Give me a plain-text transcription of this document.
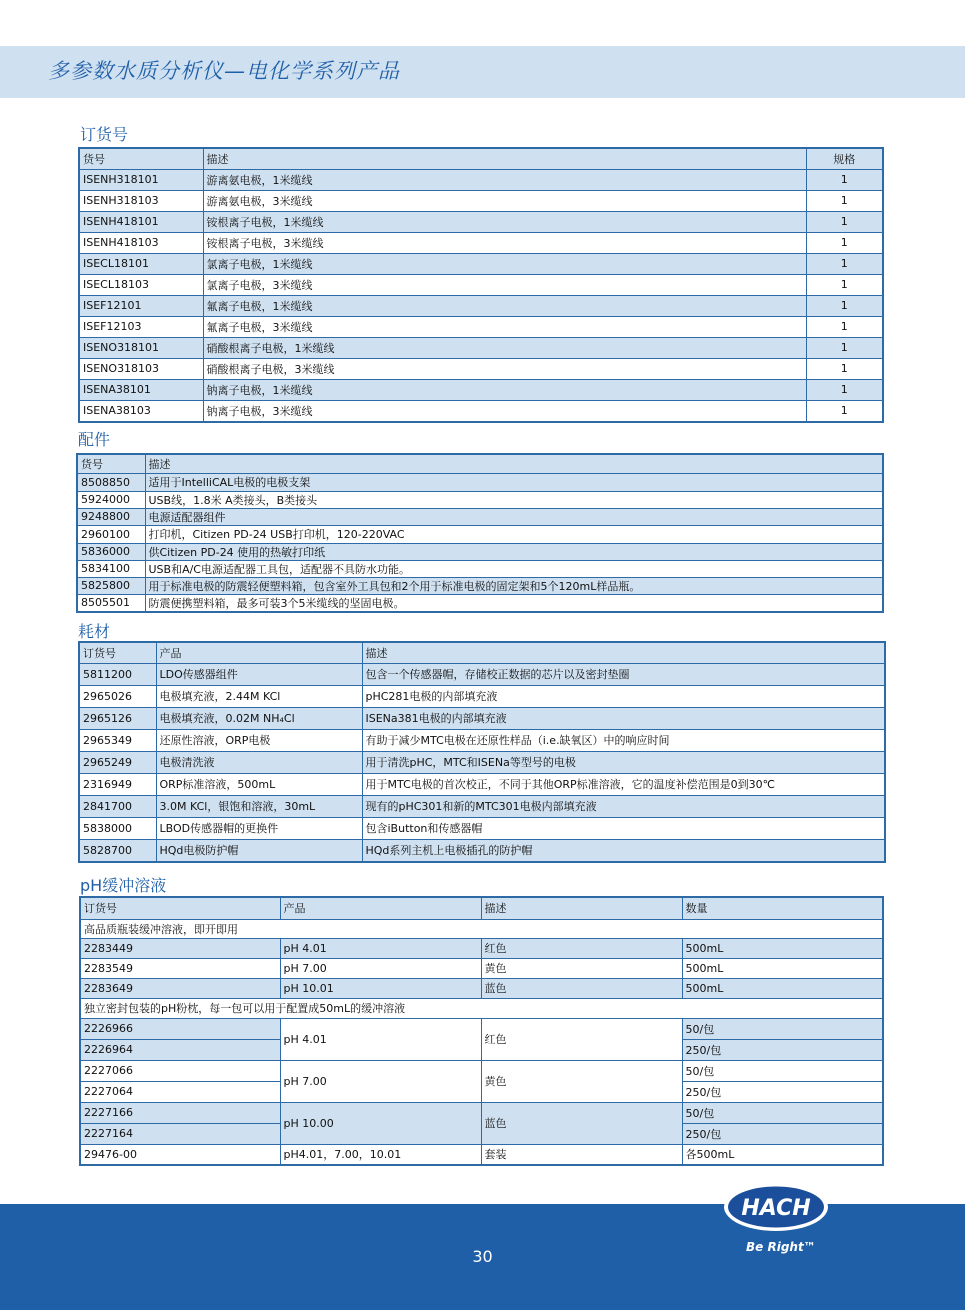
多参数水质分析仪—电化学系列产品
订货号
货号	描述	规格
ISENH318101	游离氨电极，1米缆线	1
ISENH318103	游离氨电极，3米缆线	1
ISENH418101	铵根离子电极，1米缆线	1
ISENH418103	铵根离子电极，3米缆线	1
ISECL18101	氯离子电极，1米缆线	1
ISECL18103	氯离子电极，3米缆线	1
ISEF12101	氟离子电极，1米缆线	1
ISEF12103	氟离子电极，3米缆线	1
ISENO318101	硝酸根离子电极，1米缆线	1
ISENO318103	硝酸根离子电极，3米缆线	1
ISENA38101	钠离子电极，1米缆线	1
ISENA38103	钠离子电极，3米缆线	1
配件
货号	描述
8508850	适用于IntelliCAL电极的电极支架
5924000	USB线，1.8米 A类接头，B类接头
9248800	电源适配器组件
2960100	打印机，Citizen PD-24 USB打印机，120-220VAC
5836000	供Citizen PD-24 使用的热敏打印纸
5834100	USB和A/C电源适配器工具包，适配器不具防水功能。
5825800	用于标准电极的防震轻便塑料箱，包含室外工具包和2个用于标准电极的固定架和5个120mL样品瓶。
8505501	防震便携塑料箱，最多可装3个5米缆线的坚固电极。
耗材
订货号	产品	描述
5811200	LDO传感器组件	包含一个传感器帽，存储校正数据的芯片以及密封垫圈
2965026	电极填充液，2.44M KCl	pHC281电极的内部填充液
2965126	电极填充液，0.02M NH₄Cl	ISENa381电极的内部填充液
2965349	还原性溶液，ORP电极	有助于减少MTC电极在还原性样品（i.e.缺氧区）中的响应时间
2965249	电极清洗液	用于清洗pHC，MTC和ISENa等型号的电极
2316949	ORP标准溶液，500mL	用于MTC电极的首次校正，不同于其他ORP标准溶液，它的温度补偿范围是0到30℃
2841700	3.0M KCl，银饱和溶液，30mL	现有的pHC301和新的MTC301电极内部填充液
5838000	LBOD传感器帽的更换件	包含iButton和传感器帽
5828700	HQd电极防护帽	HQd系列主机上电极插孔的防护帽
pH缓冲溶液
订货号	产品	描述	数量
高品质瓶装缓冲溶液，即开即用			
2283449	pH 4.01	红色	500mL
2283549	pH 7.00	黄色	500mL
2283649	pH 10.01	蓝色	500mL
独立密封包装的pH粉枕，每一包可以用于配置成50mL的缓冲溶液			
2226966	pH 4.01	红色	50/包
2226964			250/包
2227066	pH 7.00	黄色	50/包
2227064			250/包
2227166	pH 10.00	蓝色	50/包
2227164			250/包
29476-00	pH4.01，7.00，10.01	套装	各500mL
30
HACH
®
Be Right™
